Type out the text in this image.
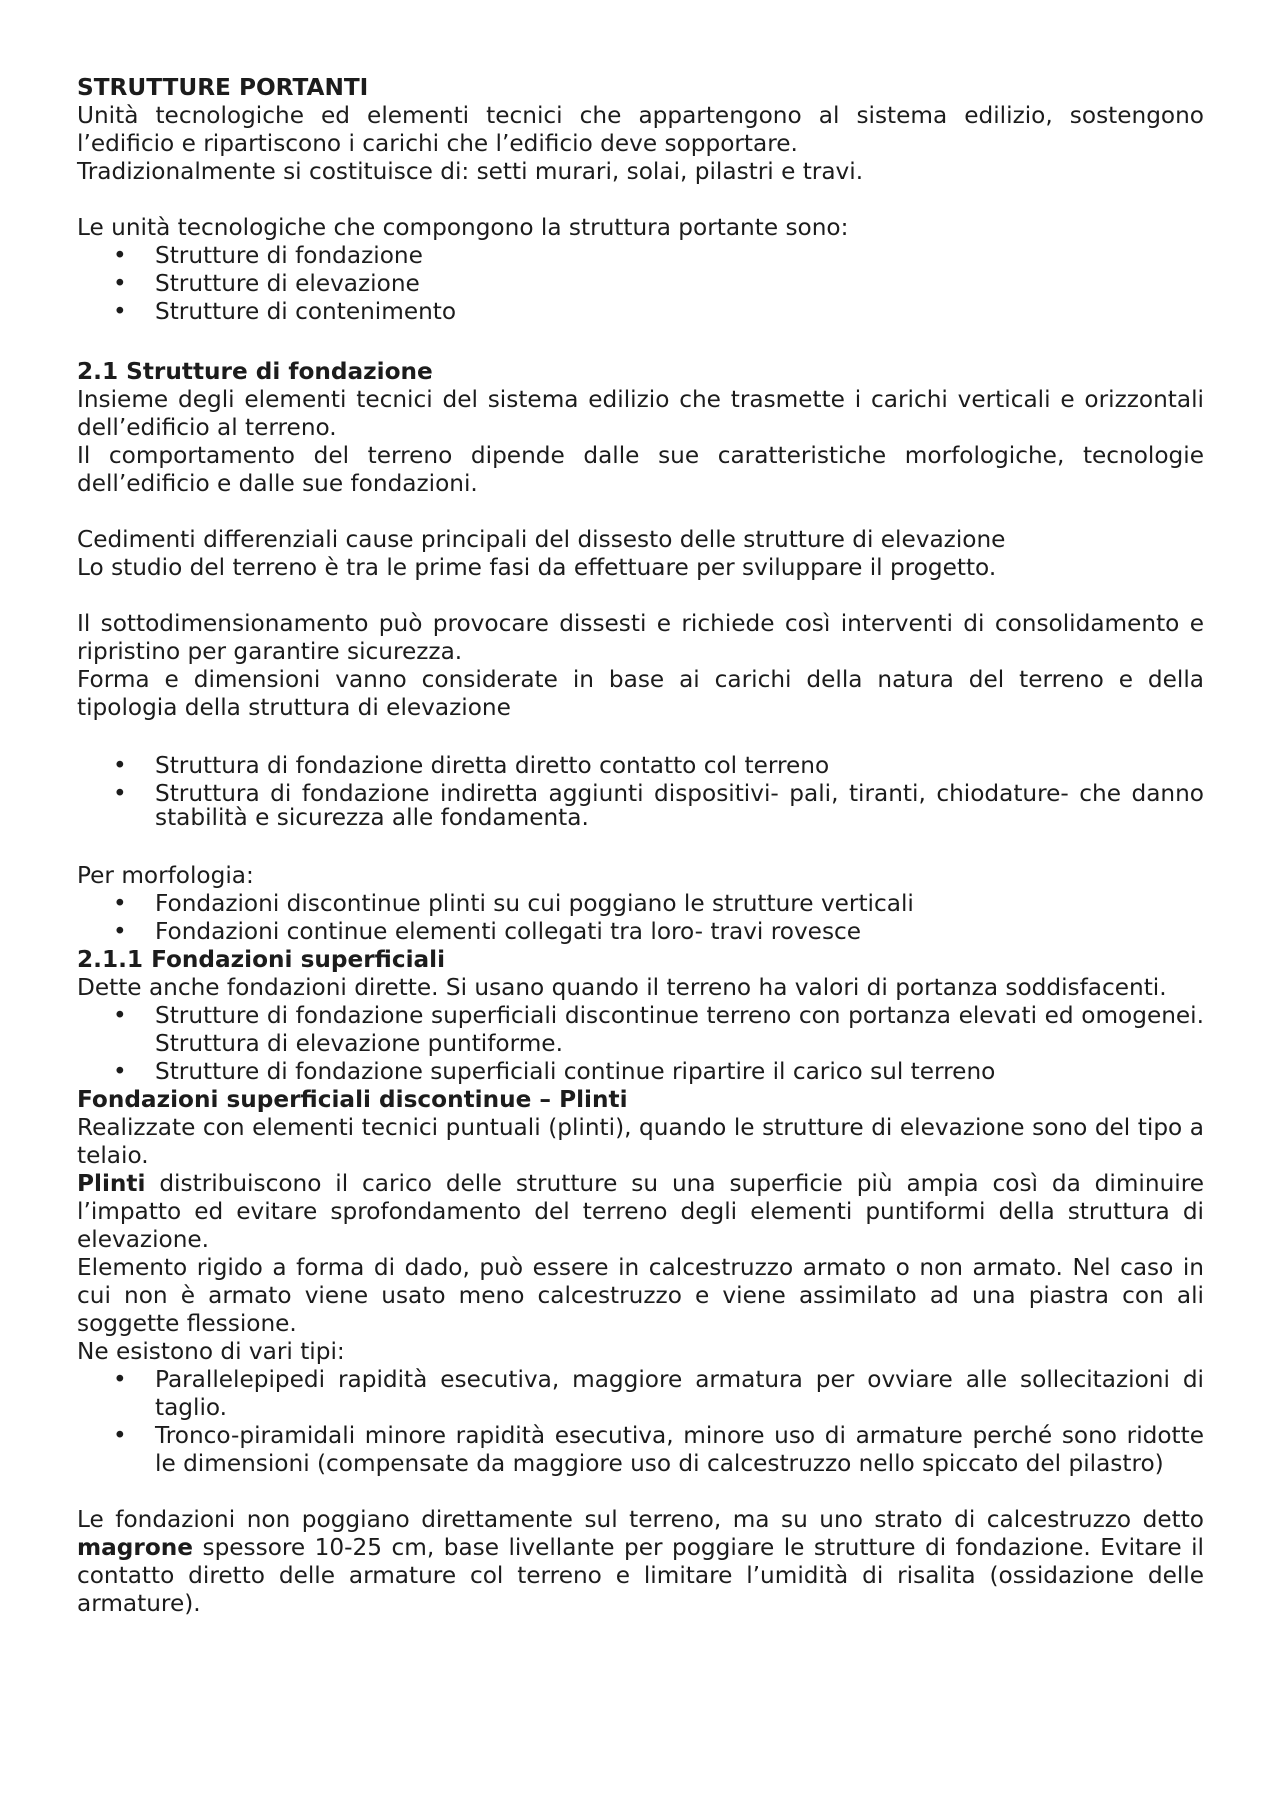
STRUTTURE PORTANTI

Unità tecnologiche ed elementi tecnici che appartengono al sistema edilizio, sostengono l’edificio e ripartiscono i carichi che l’edificio deve sopportare.

Tradizionalmente si costituisce di: setti murari, solai, pilastri e travi.

Le unità tecnologiche che compongono la struttura portante sono:

• Strutture di fondazione
• Strutture di elevazione
• Strutture di contenimento

2.1 Strutture di fondazione

Insieme degli elementi tecnici del sistema edilizio che trasmette i carichi verticali e orizzontali dell’edificio al terreno.

Il comportamento del terreno dipende dalle sue caratteristiche morfologiche, tecnologie dell’edificio e dalle sue fondazioni.

Cedimenti differenziali cause principali del dissesto delle strutture di elevazione

Lo studio del terreno è tra le prime fasi da effettuare per sviluppare il progetto.

Il sottodimensionamento può provocare dissesti e richiede così interventi di consolidamento e ripristino per garantire sicurezza.

Forma e dimensioni vanno considerate in base ai carichi della natura del terreno e della tipologia della struttura di elevazione

• Struttura di fondazione diretta diretto contatto col terreno
• Struttura di fondazione indiretta aggiunti dispositivi- pali, tiranti, chiodature- che danno stabilità e sicurezza alle fondamenta.

Per morfologia:

• Fondazioni discontinue plinti su cui poggiano le strutture verticali
• Fondazioni continue elementi collegati tra loro- travi rovesce

2.1.1 Fondazioni superficiali

Dette anche fondazioni dirette. Si usano quando il terreno ha valori di portanza soddisfacenti.

• Strutture di fondazione superficiali discontinue terreno con portanza elevati ed omogenei. Struttura di elevazione puntiforme.
• Strutture di fondazione superficiali continue ripartire il carico sul terreno

Fondazioni superficiali discontinue – Plinti

Realizzate con elementi tecnici puntuali (plinti), quando le strutture di elevazione sono del tipo a telaio.

Plinti distribuiscono il carico delle strutture su una superficie più ampia così da diminuire l’impatto ed evitare sprofondamento del terreno degli elementi puntiformi della struttura di elevazione.

Elemento rigido a forma di dado, può essere in calcestruzzo armato o non armato. Nel caso in cui non è armato viene usato meno calcestruzzo e viene assimilato ad una piastra con ali soggette flessione.

Ne esistono di vari tipi:

• Parallelepipedi rapidità esecutiva, maggiore armatura per ovviare alle sollecitazioni di taglio.
• Tronco-piramidali minore rapidità esecutiva, minore uso di armature perché sono ridotte le dimensioni (compensate da maggiore uso di calcestruzzo nello spiccato del pilastro)

Le fondazioni non poggiano direttamente sul terreno, ma su uno strato di calcestruzzo detto magrone spessore 10-25 cm, base livellante per poggiare le strutture di fondazione. Evitare il contatto diretto delle armature col terreno e limitare l’umidità di risalita (ossidazione delle armature).
